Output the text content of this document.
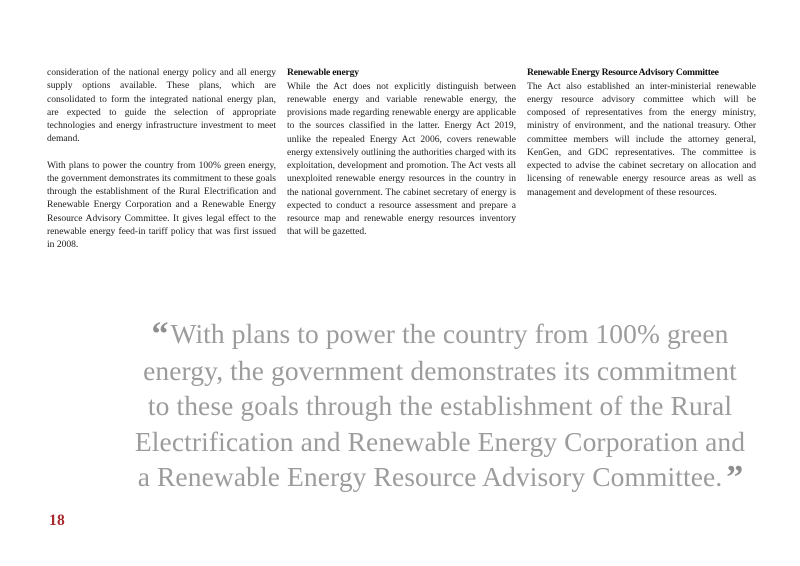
consideration of the national energy policy and all energy supply options available. These plans, which are consolidated to form the integrated national energy plan, are expected to guide the selection of appropriate technologies and energy infrastructure investment to meet demand.

With plans to power the country from 100% green energy, the government demonstrates its commitment to these goals through the establishment of the Rural Electrification and Renewable Energy Corporation and a Renewable Energy Resource Advisory Committee. It gives legal effect to the renewable energy feed-in tariff policy that was first issued in 2008.

Renewable energy

While the Act does not explicitly distinguish between renewable energy and variable renewable energy, the provisions made regarding renewable energy are applicable to the sources classified in the latter. Energy Act 2019, unlike the repealed Energy Act 2006, covers renewable energy extensively outlining the authorities charged with its exploitation, development and promotion. The Act vests all unexploited renewable energy resources in the country in the national government. The cabinet secretary of energy is expected to conduct a resource assessment and prepare a resource map and renewable energy resources inventory that will be gazetted.

Renewable Energy Resource Advisory Committee

The Act also established an inter-ministerial renewable energy resource advisory committee which will be composed of representatives from the energy ministry, ministry of environment, and the national treasury. Other committee members will include the attorney general, KenGen, and GDC representatives. The committee is expected to advise the cabinet secretary on allocation and licensing of renewable energy resource areas as well as management and development of these resources.

“ With plans to power the country from 100% green
energy, the government demonstrates its commitment
to these goals through the establishment of the Rural
Electrification and Renewable Energy Corporation and
a Renewable Energy Resource Advisory Committee. ”
18
